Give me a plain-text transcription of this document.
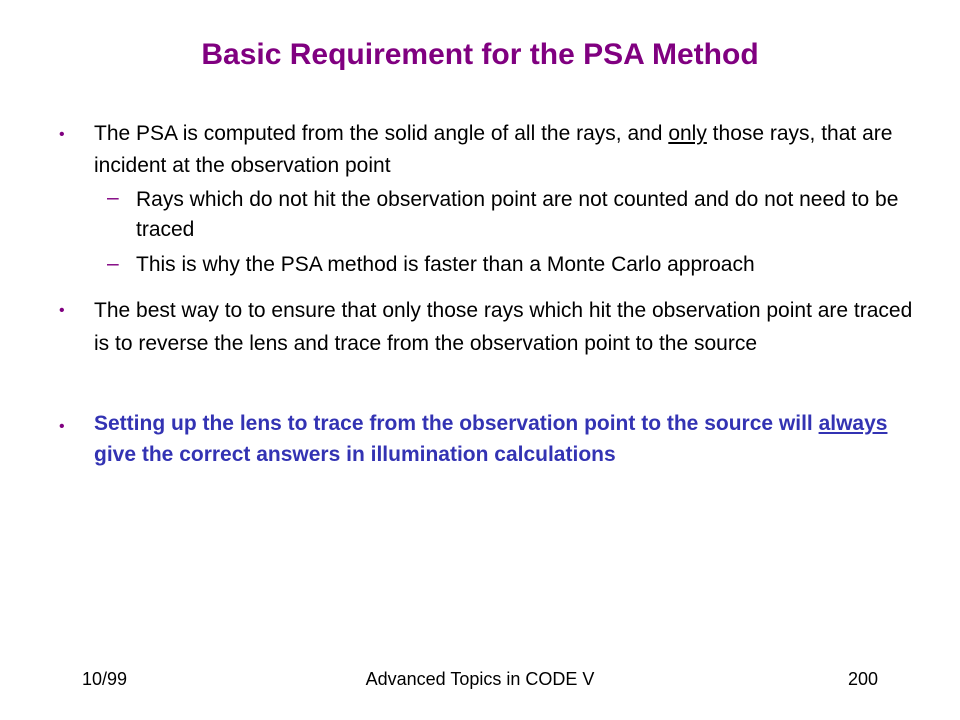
Basic Requirement for the PSA Method
• The PSA is computed from the solid angle of all the rays, and only those rays, that are incident at the observation point
– Rays which do not hit the observation point are not counted and do not need to be traced
– This is why the PSA method is faster than a Monte Carlo approach
• The best way to to ensure that only those rays which hit the observation point are traced is to reverse the lens and trace from the observation point to the source
• Setting up the lens to trace from the observation point to the source will always give the correct answers in illumination calculations
10/99	Advanced Topics in CODE V	200
